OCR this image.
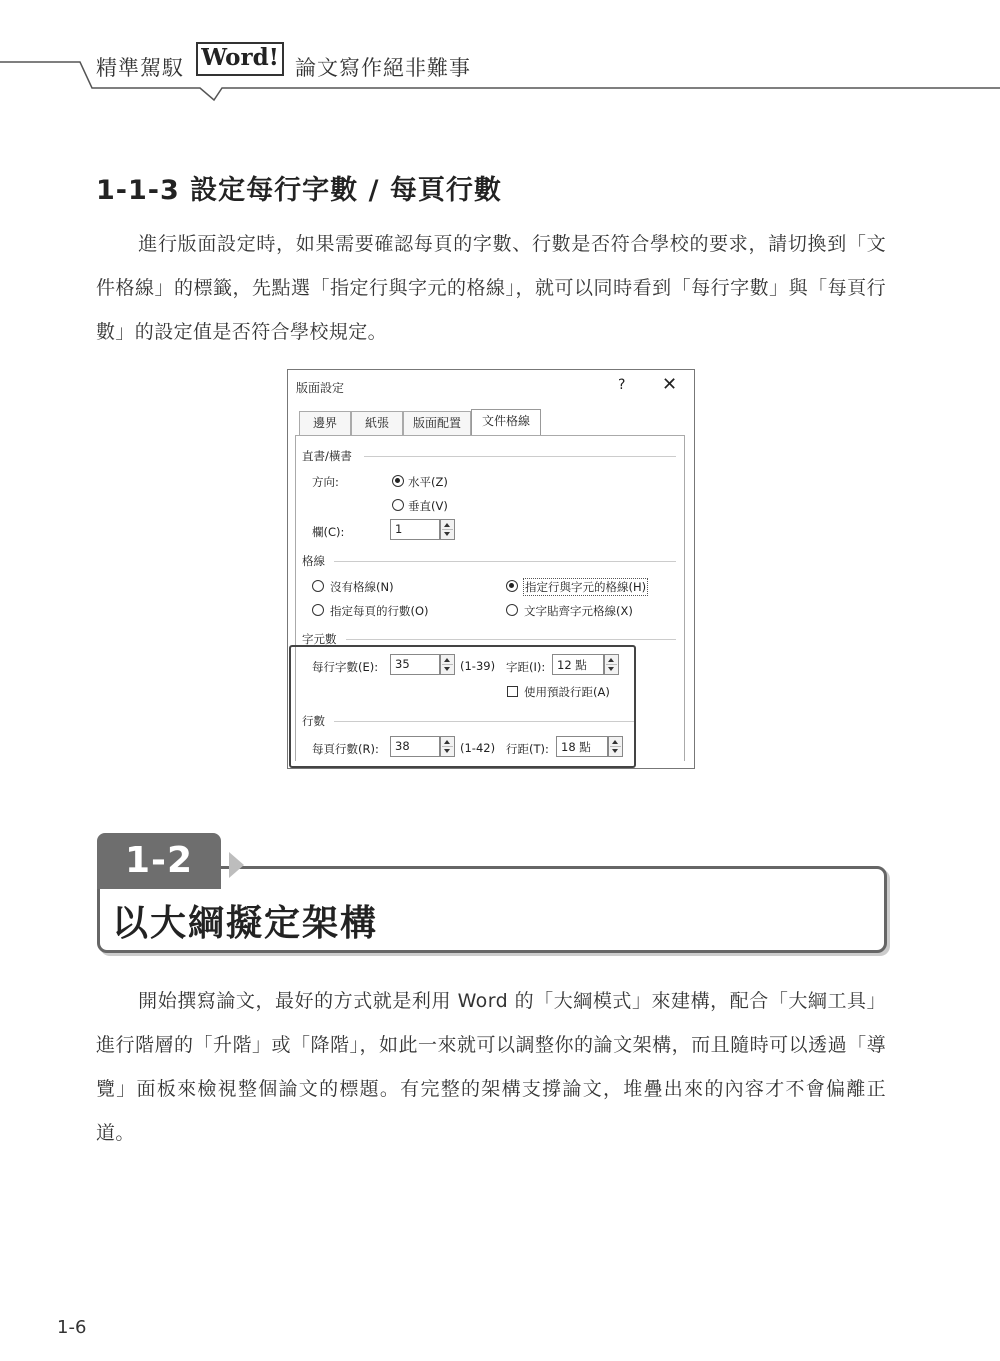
精準駕馭 Word! 論文寫作絕非難事
1-1-3 設定每行字數 / 每頁行數

進行版面設定時，如果需要確認每頁的字數、行數是否符合學校的要求，請切換到「文件格線」的標籤，先點選「指定行與字元的格線」，就可以同時看到「每行字數」與「每頁行數」的設定值是否符合學校規定。

版面設定	? ✕
邊界	紙張	版面配置	文件格線
直書/橫書
方向:	水平(Z)
垂直(V)
欄(C):	1
格線
沒有格線(N)	指定行與字元的格線(H)
指定每頁的行數(O)	文字貼齊字元格線(X)
字元數
每行字數(E): 35	(1-39) 字距(I): 12 點
使用預設行距(A)
行數
每頁行數(R): 38	(1-42) 行距(T): 18 點
1-2
以大綱擬定架構

開始撰寫論文，最好的方式就是利用 Word 的「大綱模式」來建構，配合「大綱工具」進行階層的「升階」或「降階」，如此一來就可以調整你的論文架構，而且隨時可以透過「導覽」面板來檢視整個論文的標題。有完整的架構支撐論文，堆疊出來的內容才不會偏離正道。

1-6
